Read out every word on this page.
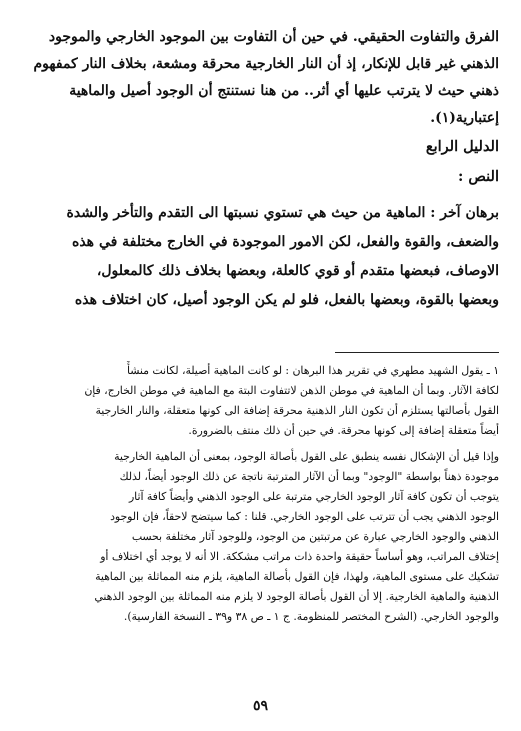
الفرق والتفاوت الحقيقي. في حين أن التفاوت بين الموجود الخارجي والموجود
الذهني غير قابل للإنكار، إذ أن النار الخارجية محرقة ومشعة، بخلاف النار كمفهوم
ذهني حيث لا يترتب عليها أي أثر.. من هنا نستنتج أن الوجود أصيل والماهية
إعتبارية(١).
الدليل الرابع
النص :
برهان آخر : الماهية من حيث هي تستوي نسبتها الى التقدم والتأخر والشدة
والضعف، والقوة والفعل، لكن الامور الموجودة في الخارج مختلفة في هذه
الاوصاف، فبعضها متقدم أو قوي كالعلة، وبعضها بخلاف ذلك كالمعلول،
وبعضها بالقوة، وبعضها بالفعل، فلو لم يكن الوجود أصيل، كان اختلاف هذه
١ ـ يقول الشهيد مطهري في تقرير هذا البرهان : لو كانت الماهية أصيلة، لكانت منشأً
لكافة الآثار. وبما أن الماهية في موطن الذهن لاتتفاوت البتة مع الماهية في موطن الخارج، فإن
القول بأصالتها يستلزم أن تكون النار الذهنية محرقة إضافة الى كونها متعقلة، والنار الخارجية
أيضاً متعقلة إضافة إلى كونها محرقة. في حين أن ذلك منتف بالضرورة.
وإذا قيل أن الإشكال نفسه ينطبق على القول بأصالة الوجود، بمعنى أن الماهية الخارجية
موجودة ذهناً بواسطة "الوجود" وبما أن الآثار المترتبة ناتجة عن ذلك الوجود أيضاً، لذلك
يتوجب أن تكون كافة آثار الوجود الخارجي مترتبة على الوجود الذهني وأيضاً كافة آثار
الوجود الذهني يجب أن تترتب على الوجود الخارجي. قلنا : كما سيتضح لاحقاً، فإن الوجود
الذهني والوجود الخارجي عبارة عن مرتبتين من الوجود، وللوجود آثار مختلفة بحسب
إختلاف المراتب، وهو أساساً حقيقة واحدة ذات مراتب مشككة. الا أنه لا يوجد أي اختلاف أو
تشكيك على مستوى الماهية، ولهذا، فإن القول بأصالة الماهية، يلزم منه المماثلة بين الماهية
الذهنية والماهية الخارجية. إلا أن القول بأصالة الوجود لا يلزم منه المماثلة بين الوجود الذهني
والوجود الخارجي. (الشرح المختصر للمنظومة. ج ١ ـ ص ٣٨ و٣٩ ـ النسخة الفارسية).
٥٩
